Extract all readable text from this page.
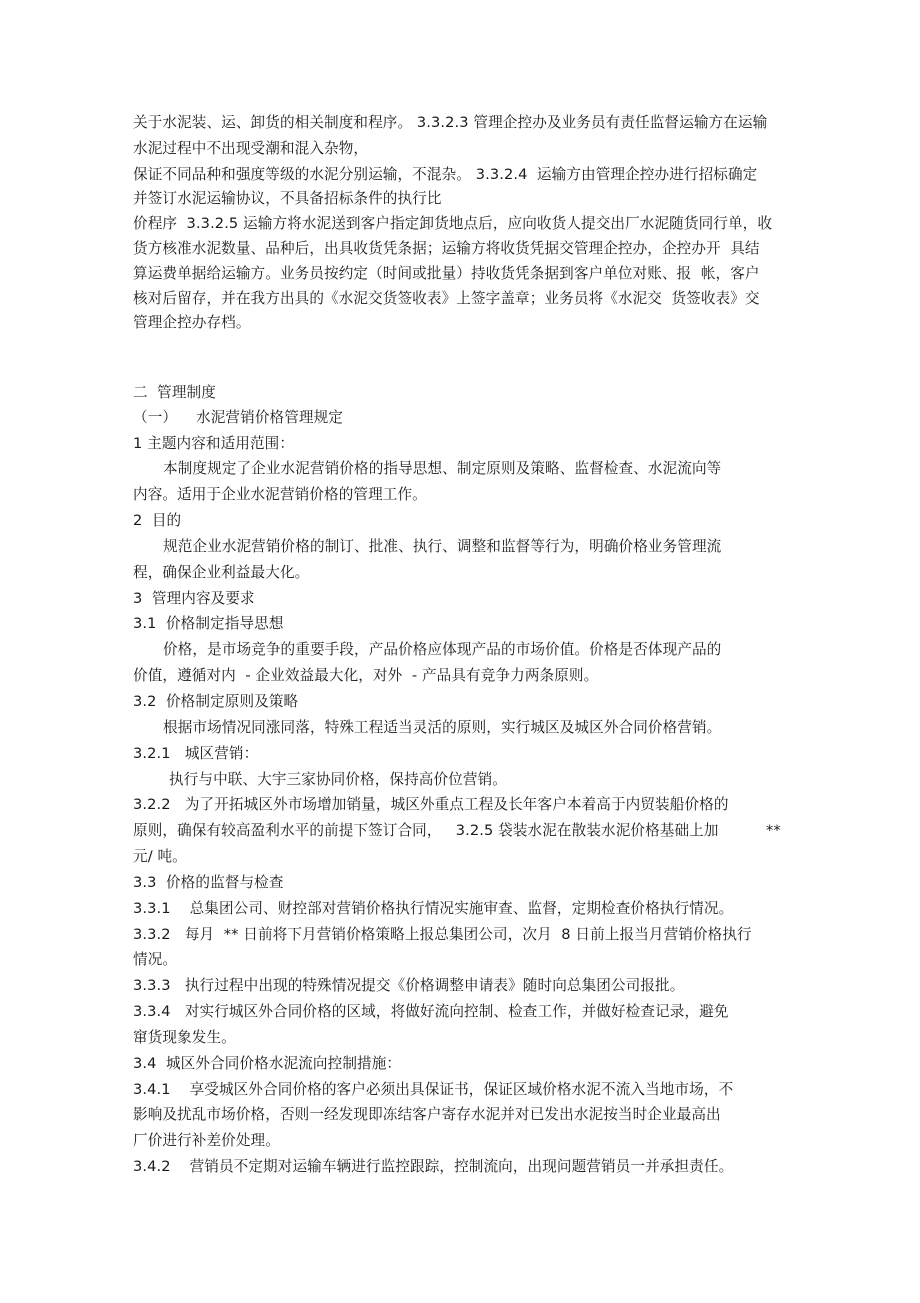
关于水泥装、运、卸货的相关制度和程序。 3.3.2.3 管理企控办及业务员有责任监督运输方在运输
水泥过程中不出现受潮和混入杂物，
保证不同品种和强度等级的水泥分别运输，不混杂。 3.3.2.4  运输方由管理企控办进行招标确定
并签订水泥运输协议，不具备招标条件的执行比
价程序  3.3.2.5 运输方将水泥送到客户指定卸货地点后，应向收货人提交出厂水泥随货同行单，收
货方核准水泥数量、品种后，出具收货凭条据；运输方将收货凭据交管理企控办，企控办开  具结
算运费单据给运输方。业务员按约定（时间或批量）持收货凭条据到客户单位对账、报  帐，客户
核对后留存，并在我方出具的《水泥交货签收表》上签字盖章；业务员将《水泥交  货签收表》交
管理企控办存档。
二  管理制度
（一）    水泥营销价格管理规定
1 主题内容和适用范围：
本制度规定了企业水泥营销价格的指导思想、制定原则及策略、监督检查、水泥流向等
内容。适用于企业水泥营销价格的管理工作。
2  目的
规范企业水泥营销价格的制订、批准、执行、调整和监督等行为，明确价格业务管理流
程，确保企业利益最大化。
3  管理内容及要求
3.1  价格制定指导思想
价格，是市场竞争的重要手段，产品价格应体现产品的市场价值。价格是否体现产品的
价值，遵循对内  - 企业效益最大化，对外  - 产品具有竞争力两条原则。
3.2  价格制定原则及策略
根据市场情况同涨同落，特殊工程适当灵活的原则，实行城区及城区外合同价格营销。
3.2.1   城区营销：
执行与中联、大宇三家协同价格，保持高价位营销。
3.2.2   为了开拓城区外市场增加销量，城区外重点工程及长年客户本着高于内贸装船价格的
原则，确保有较高盈利水平的前提下签订合同，   3.2.5 袋装水泥在散装水泥价格基础上加          **
元/ 吨。
3.3  价格的监督与检查
3.3.1    总集团公司、财控部对营销价格执行情况实施审查、监督，定期检查价格执行情况。
3.3.2   每月  ** 日前将下月营销价格策略上报总集团公司，次月  8 日前上报当月营销价格执行
情况。
3.3.3   执行过程中出现的特殊情况提交《价格调整申请表》随时向总集团公司报批。
3.3.4   对实行城区外合同价格的区域，将做好流向控制、检查工作，并做好检查记录，避免
窜货现象发生。
3.4  城区外合同价格水泥流向控制措施：
3.4.1    享受城区外合同价格的客户必须出具保证书，保证区域价格水泥不流入当地市场，不
影响及扰乱市场价格，否则一经发现即冻结客户寄存水泥并对已发出水泥按当时企业最高出
厂价进行补差价处理。
3.4.2    营销员不定期对运输车辆进行监控跟踪，控制流向，出现问题营销员一并承担责任。
